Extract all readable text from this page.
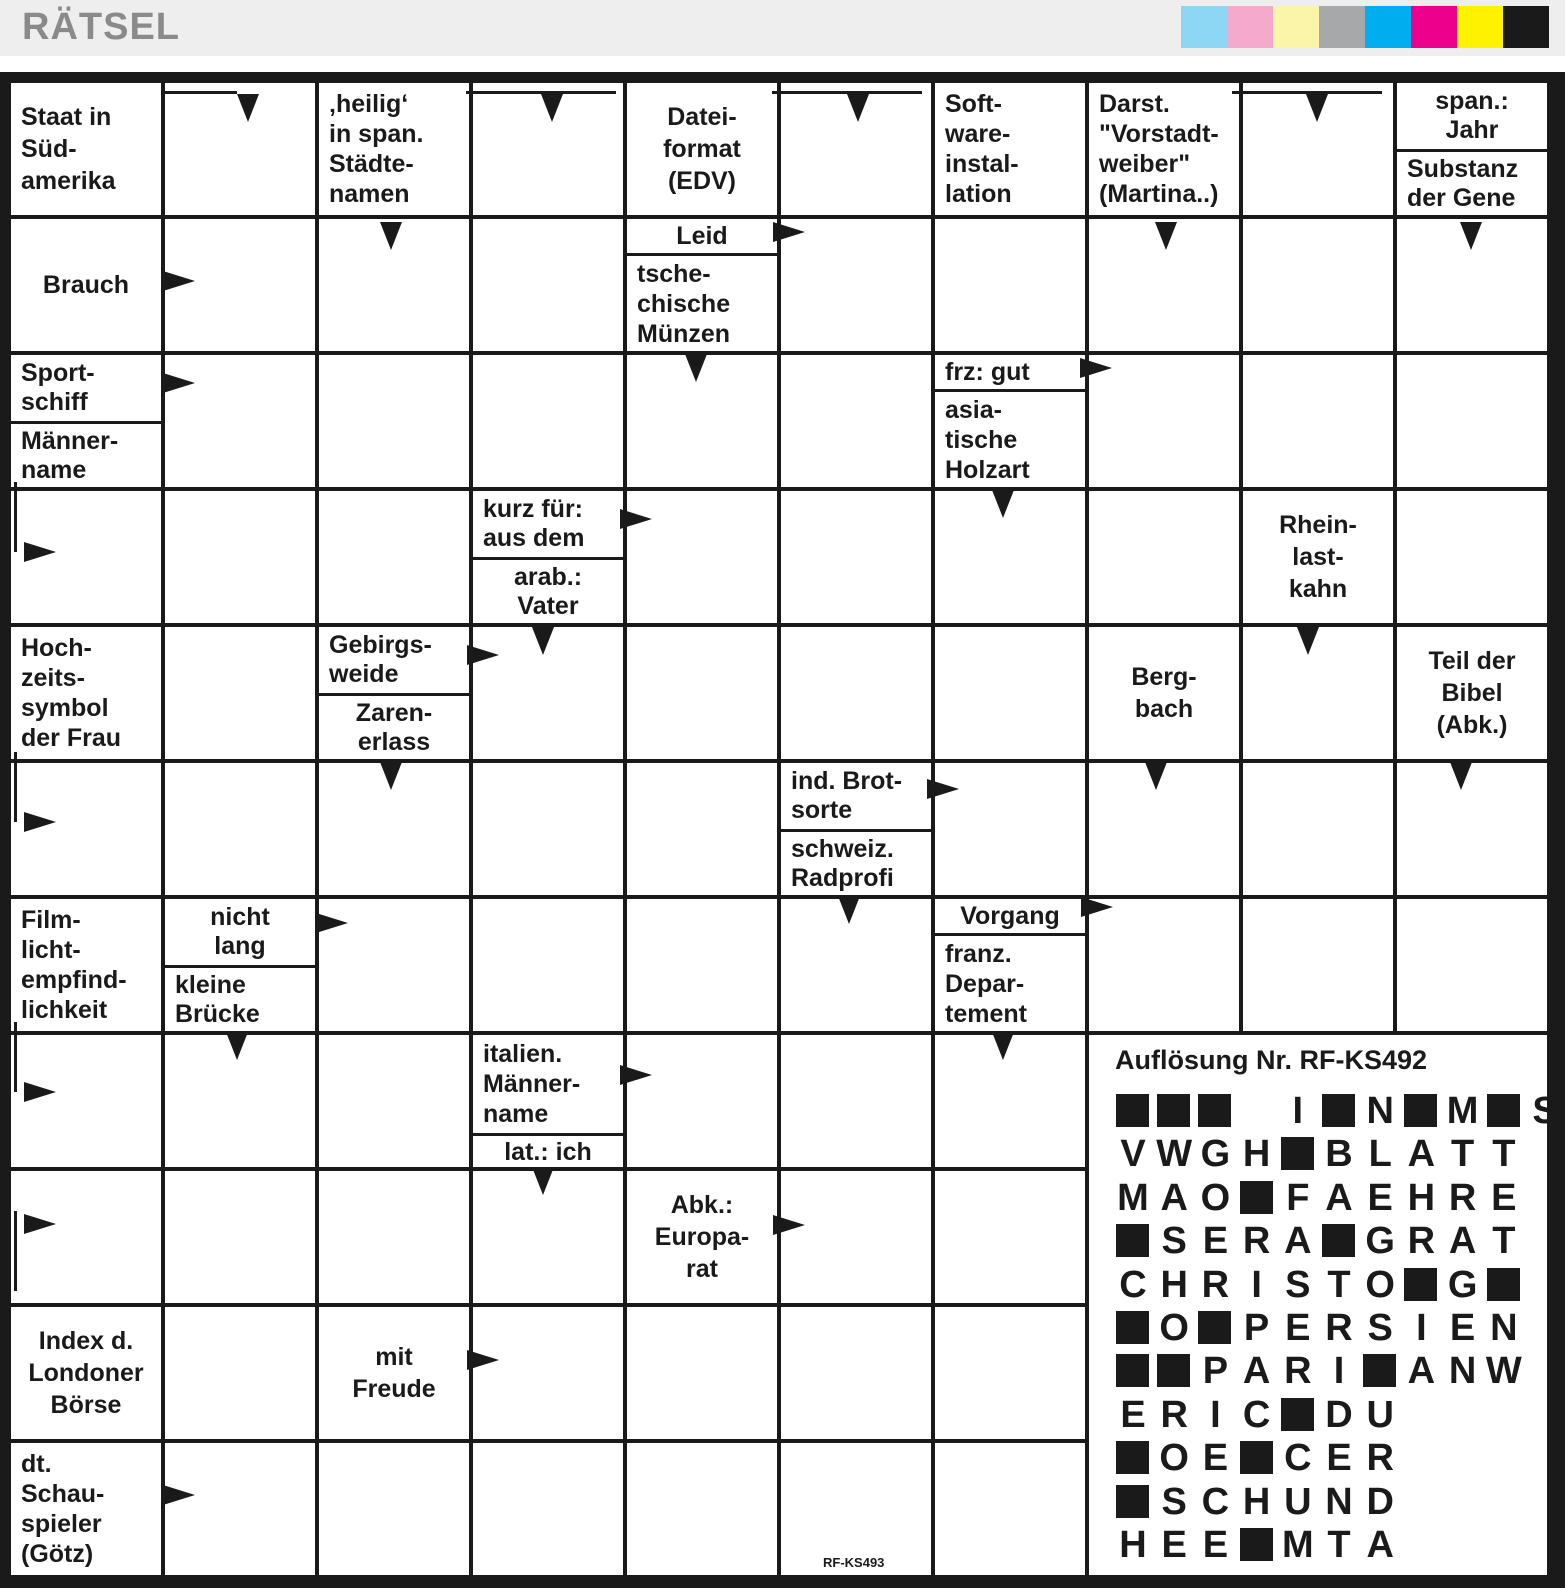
RÄTSEL
Staat in
Süd-
amerika
‚heilig‘
in span.
Städte-
namen
Datei-
format
(EDV)
Soft-
ware-
instal-
lation
Darst.
"Vorstadt-
weiber"
(Martina..)
span.:
Jahr
Substanz
der Gene
Brauch
Leid
tsche-
chische
Münzen
Sport-
schiff
Männer-
name
frz: gut
asia-
tische
Holzart
kurz für:
aus dem
arab.:
Vater
Rhein-
last-
kahn
Hoch-
zeits-
symbol
der Frau
Gebirgs-
weide
Zaren-
erlass
Berg-
bach
Teil der
Bibel
(Abk.)
ind. Brot-
sorte
schweiz.
Radprofi
Film-
licht-
empfind-
lichkeit
nicht
lang
kleine
Brücke
Vorgang
franz.
Depar-
tement
italien.
Männer-
name
lat.: ich
Abk.:
Europa-
rat
Index d.
Londoner
Börse
mit
Freude
dt.
Schau-
spieler
(Götz)
Auflösung Nr. RF-KS492
I	N M S
V W G H B L A T T
M A O F A E H R E
S E R A G R A T
C H R I S T O G
O P E R S I E N
P A R I	A N W
E R I C D U
O E C E R
S C H U N D
H E E M T A
RF-KS493
